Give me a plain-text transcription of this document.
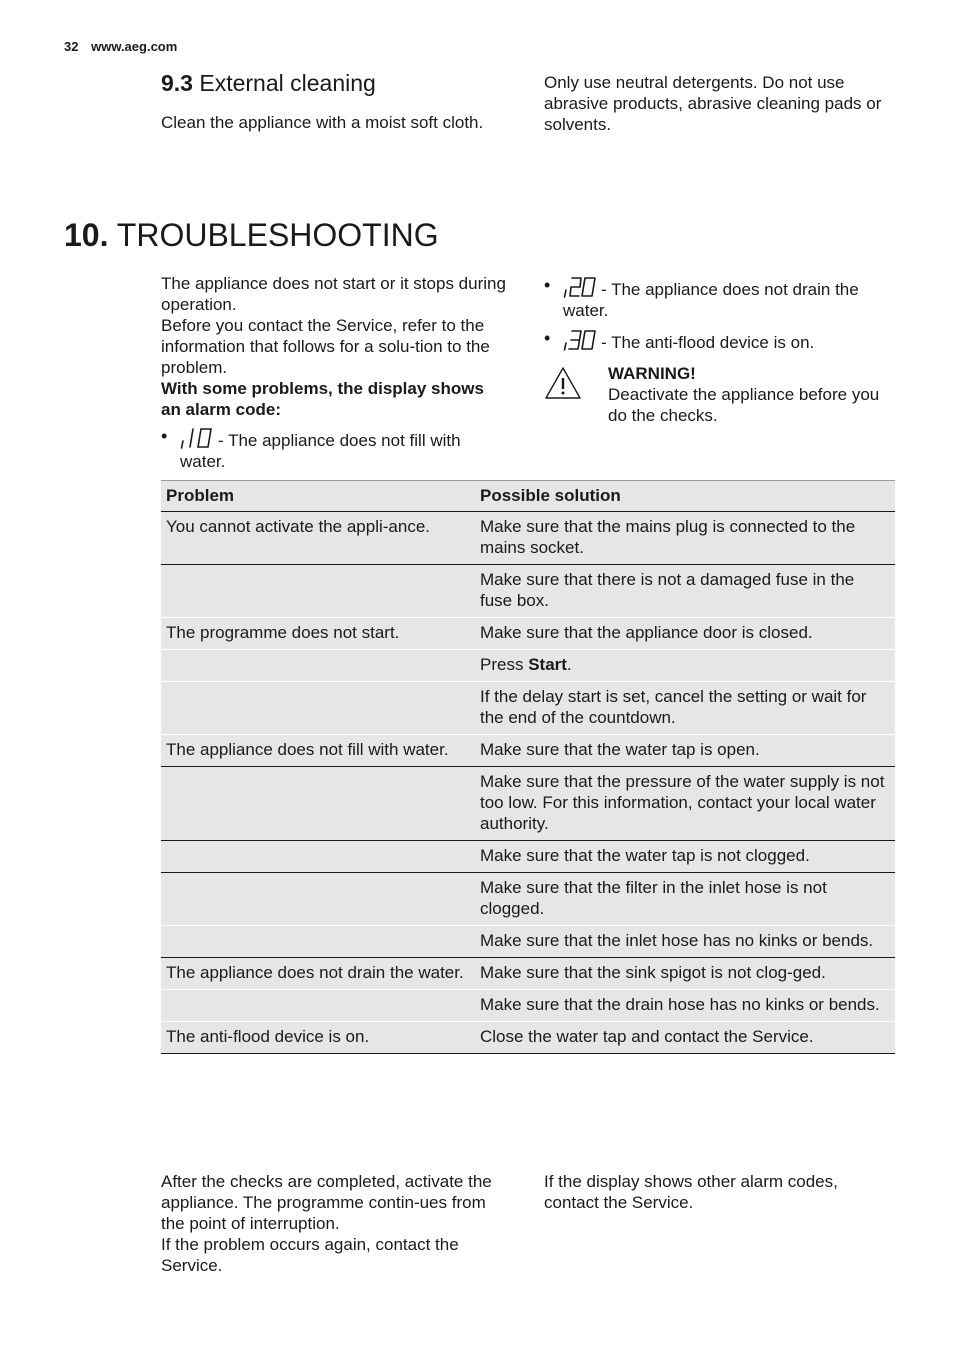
32 www.aeg.com
9.3 External cleaning

Clean the appliance with a moist soft cloth.

Only use neutral detergents. Do not use abrasive products, abrasive cleaning pads or solvents.

10. TROUBLESHOOTING

The appliance does not start or it stops during operation.

Before you contact the Service, refer to the information that follows for a solu-tion to the problem.

With some problems, the display shows an alarm code:

•	- The appliance does not fill with water.
•	- The appliance does not drain the water.
•	- The anti-flood device is on.

WARNING!

Deactivate the appliance before you do the checks.

Problem	Possible solution
You cannot activate the appli-ance.	Make sure that the mains plug is connected to the mains socket.
	Make sure that there is not a damaged fuse in the fuse box.
The programme does not start.	Make sure that the appliance door is closed.
	Press Start.
	If the delay start is set, cancel the setting or wait for the end of the countdown.
The appliance does not fill with water.	Make sure that the water tap is open.
	Make sure that the pressure of the water supply is not too low. For this information, contact your local water authority.
	Make sure that the water tap is not clogged.
	Make sure that the filter in the inlet hose is not clogged.
	Make sure that the inlet hose has no kinks or bends.
The appliance does not drain the water.	Make sure that the sink spigot is not clog-ged.
	Make sure that the drain hose has no kinks or bends.
The anti-flood device is on.	Close the water tap and contact the Service.

After the checks are completed, activate the appliance. The programme contin-ues from the point of interruption.

If the problem occurs again, contact the Service.

If the display shows other alarm codes, contact the Service.
